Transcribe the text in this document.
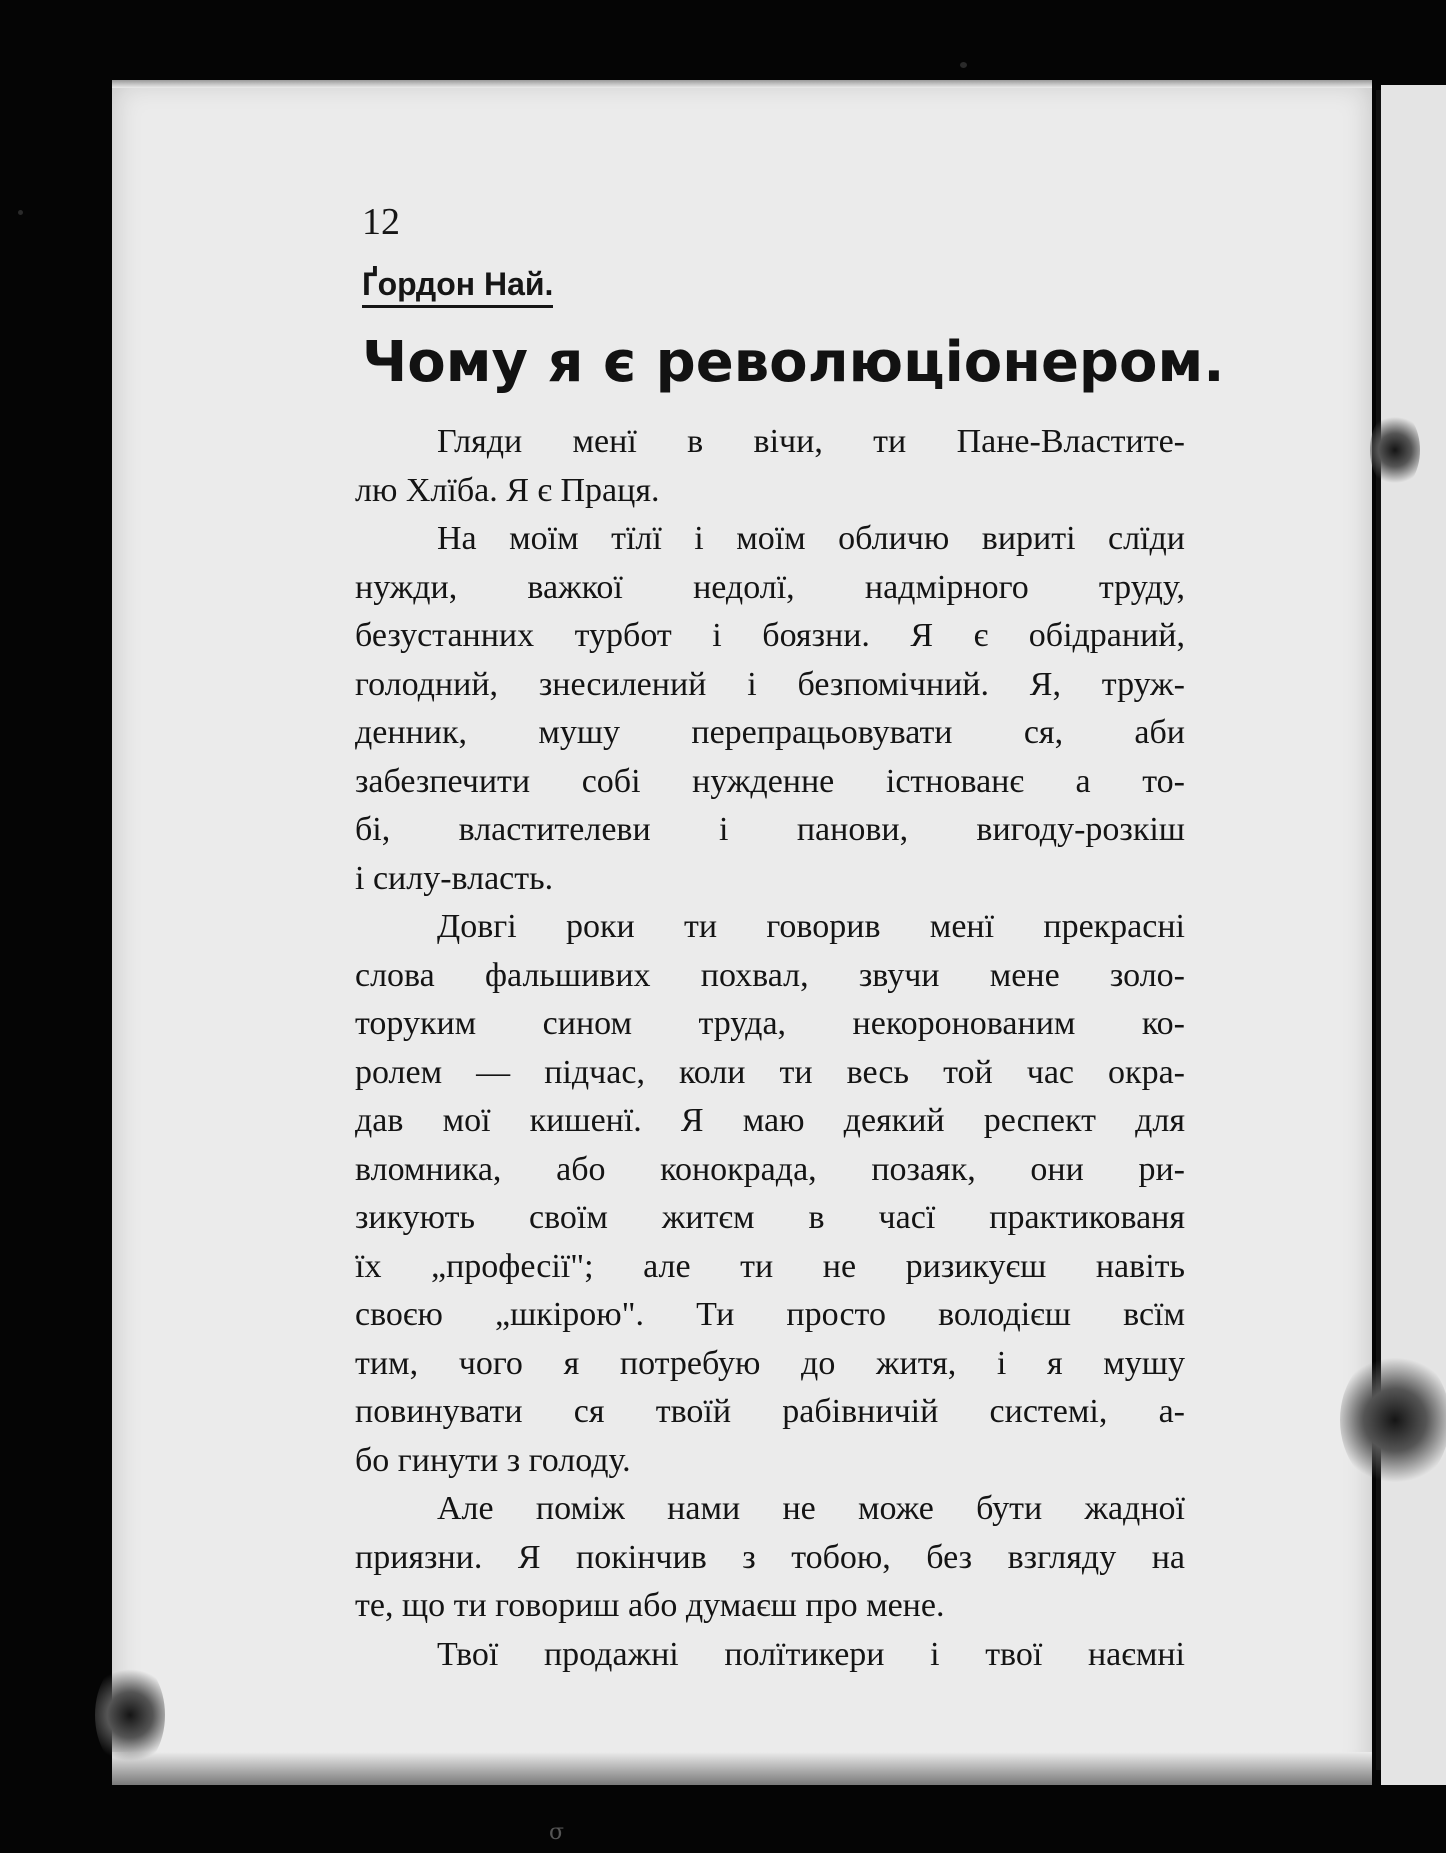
12
Ґордон Най.
Чому я є революціонером.
Гляди менї в вічи, ти Пане-Властите-
лю Хлїба. Я є Праця.
На моїм тїлї і моїм обличю вириті слїди
нужди, важкої недолї, надмірного труду,
безустанних турбот і боязни. Я є обідраний,
голодний, знесилений і безпомічний. Я, труж-
денник, мушу перепрацьовувати ся, аби
забезпечити собі нужденне істнованє а то-
бі, властителеви і панови, вигоду-розкіш
і силу-власть.
Довгі роки ти говорив менї прекрасні
слова фальшивих похвал, звучи мене золо-
торуким сином труда, некоронованим ко-
ролем — підчас, коли ти весь той час окра-
дав мої кишенї. Я маю деякий респект для
вломника, або конокрада, позаяк, они ри-
зикують своїм житєм в часї практикованя
їх „професії"; але ти не ризикуєш навіть
своєю „шкірою". Ти просто володієш всїм
тим, чого я потребую до житя, і я мушу
повинувати ся твоїй рабівничій системі, а-
бо гинути з голоду.
Але поміж нами не може бути жадної
приязни. Я покінчив з тобою, без взгляду на
те, що ти говориш або думаєш про мене.
Твої продажні полїтикери і твої наємні
σ
